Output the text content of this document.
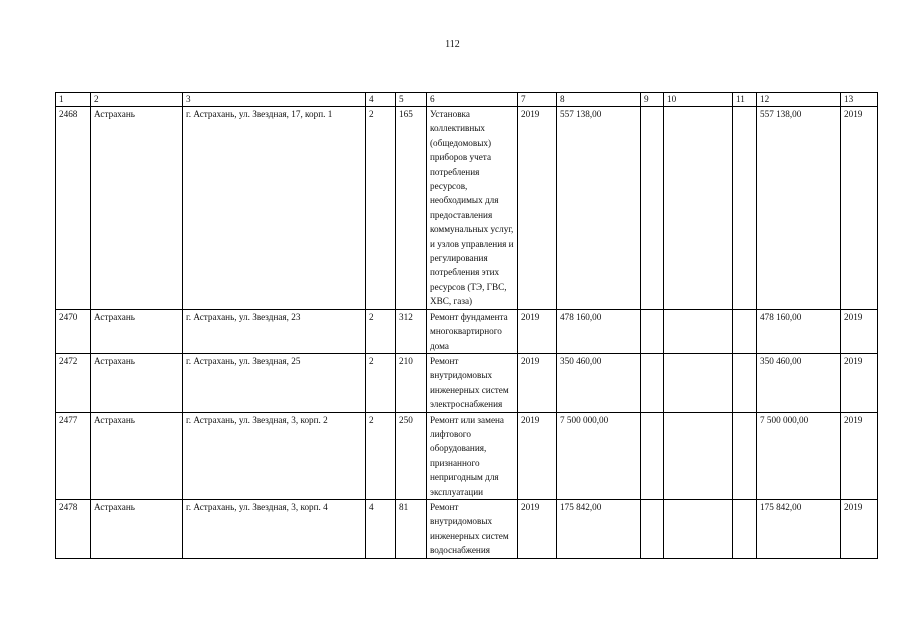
112
1	2	3	4	5	6	7	8	9	10	11	12	13
2468	Астрахань	г. Астрахань, ул. Звездная, 17, корп. 1	2	165	Установка коллективных (общедомовых) приборов учета потребления ресурсов, необходимых для предоставления коммунальных услуг, и узлов управления и регулирования потребления этих ресурсов (ТЭ, ГВС, ХВС, газа)	2019	557 138,00				557 138,00	2019
2470	Астрахань	г. Астрахань, ул. Звездная, 23	2	312	Ремонт фундамента многоквартирного дома	2019	478 160,00				478 160,00	2019
2472	Астрахань	г. Астрахань, ул. Звездная, 25	2	210	Ремонт внутридомовых инженерных систем электроснабжения	2019	350 460,00				350 460,00	2019
2477	Астрахань	г. Астрахань, ул. Звездная, 3, корп. 2	2	250	Ремонт или замена лифтового оборудования, признанного непригодным для эксплуатации	2019	7 500 000,00				7 500 000,00	2019
2478	Астрахань	г. Астрахань, ул. Звездная, 3, корп. 4	4	81	Ремонт внутридомовых инженерных систем водоснабжения	2019	175 842,00				175 842,00	2019
